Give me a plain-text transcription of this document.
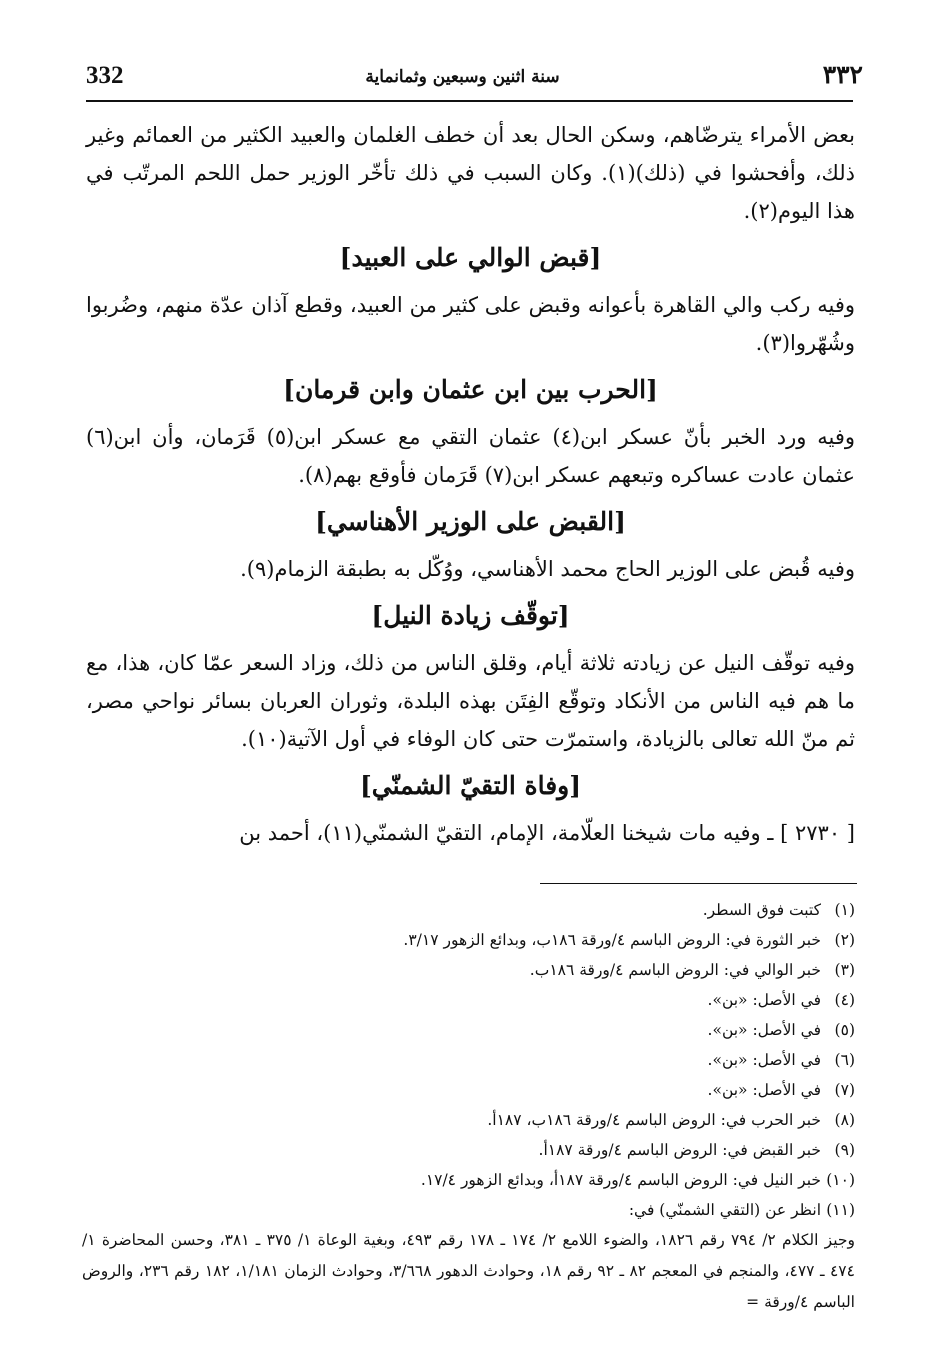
332	سنة اثنين وسبعين وثمانماية	٣٣٢

بعض الأمراء يترضّاهم، وسكن الحال بعد أن خطف الغلمان والعبيد الكثير من العمائم وغير ذلك، وأفحشوا في (ذلك)(١). وكان السبب في ذلك تأخّر الوزير حمل اللحم المرتّب في هذا اليوم(٢).

[قبض الوالي على العبيد]

وفيه ركب والي القاهرة بأعوانه وقبض على كثير من العبيد، وقطع آذان عدّة منهم، وضُربوا وشُهّروا(٣).

[الحرب بين ابن عثمان وابن قرمان]

وفيه ورد الخبر بأنّ عسكر ابن(٤) عثمان التقي مع عسكر ابن(٥) قَرَمان، وأن ابن(٦) عثمان عادت عساكره وتبعهم عسكر ابن(٧) قَرَمان فأوقع بهم(٨).

[القبض على الوزير الأهناسي]

وفيه قُبض على الوزير الحاج محمد الأهناسي، ووُكّل به بطبقة الزمام(٩).

[توقّف زيادة النيل]

وفيه توقّف النيل عن زيادته ثلاثة أيام، وقلق الناس من ذلك، وزاد السعر عمّا كان، هذا، مع ما هم فيه الناس من الأنكاد وتوقّع الفِتَن بهذه البلدة، وثوران العربان بسائر نواحي مصر، ثم منّ الله تعالى بالزيادة، واستمرّت حتى كان الوفاء في أول الآتية(١٠).

[وفاة التقيّ الشمنّي]

[ ٢٧٣٠ ] ـ وفيه مات شيخنا العلّامة، الإمام، التقيّ الشمنّي(١١)، أحمد بن

(١)كتبت فوق السطر.
(٢)خبر الثورة في: الروض الباسم ٤/ورقة ١٨٦ب، وبدائع الزهور ٣/١٧.
(٣)خبر الوالي في: الروض الباسم ٤/ورقة ١٨٦ب.
(٤)في الأصل: «بن».
(٥)في الأصل: «بن».
(٦)في الأصل: «بن».
(٧)في الأصل: «بن».
(٨)خبر الحرب في: الروض الباسم ٤/ورقة ١٨٦ب، ١٨٧أ.
(٩)خبر القبض في: الروض الباسم ٤/ورقة ١٨٧أ.
(١٠)خبر النيل في: الروض الباسم ٤/ورقة ١٨٧أ، وبدائع الزهور ١٧/٤.
(١١)انظر عن (التقي الشمنّي) في:

وجيز الكلام ٢/ ٧٩٤ رقم ١٨٢٦، والضوء اللامع ٢/ ١٧٤ ـ ١٧٨ رقم ٤٩٣، وبغية الوعاة ١/ ٣٧٥ ـ ٣٨١، وحسن المحاضرة ١/ ٤٧٤ ـ ٤٧٧، والمنجم في المعجم ٨٢ ـ ٩٢ رقم ١٨، وحوادث الدهور ٣/٦٦٨، وحوادث الزمان ١/١٨١، ١٨٢ رقم ٢٣٦، والروض الباسم ٤/ورقة =
